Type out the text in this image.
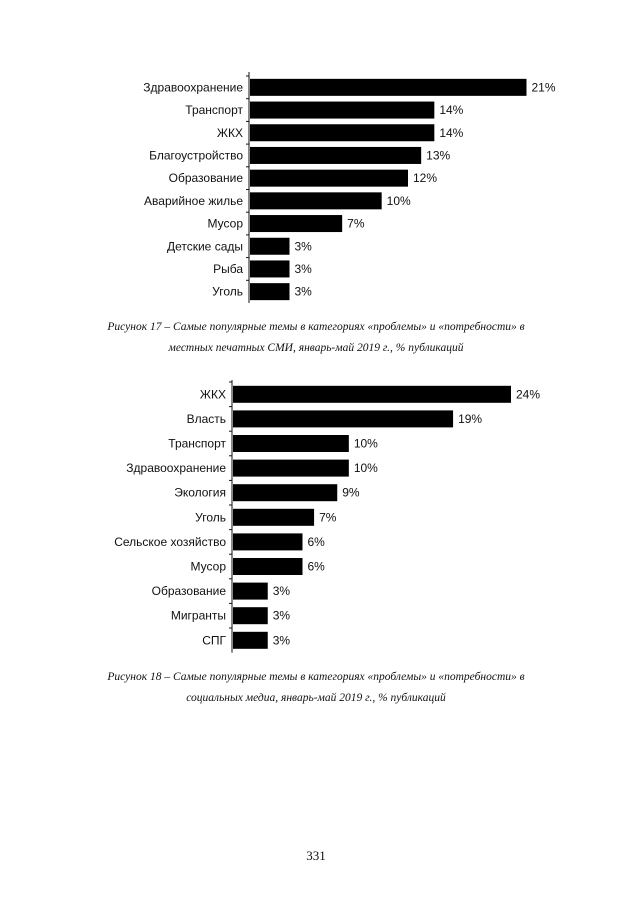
Здравоохранение	21%
Транспорт	14%
ЖКХ	14%
Благоустройство	13%
Образование	12%
Аварийное жилье	10%
Мусор	7%
Детские сады	3%
Рыба	3%
Уголь	3%
Рисунок 17 – Самые популярные темы в категориях «проблемы» и «потребности» в
местных печатных СМИ, январь-май 2019 г., % публикаций
ЖКХ	24%
Власть	19%
Транспорт	10%
Здравоохранение	10%
Экология	9%
Уголь	7%
Сельское хозяйство	6%
Мусор	6%
Образование	3%
Мигранты	3%
СПГ	3%
Рисунок 18 – Самые популярные темы в категориях «проблемы» и «потребности» в
социальных медиа, январь-май 2019 г., % публикаций
331
